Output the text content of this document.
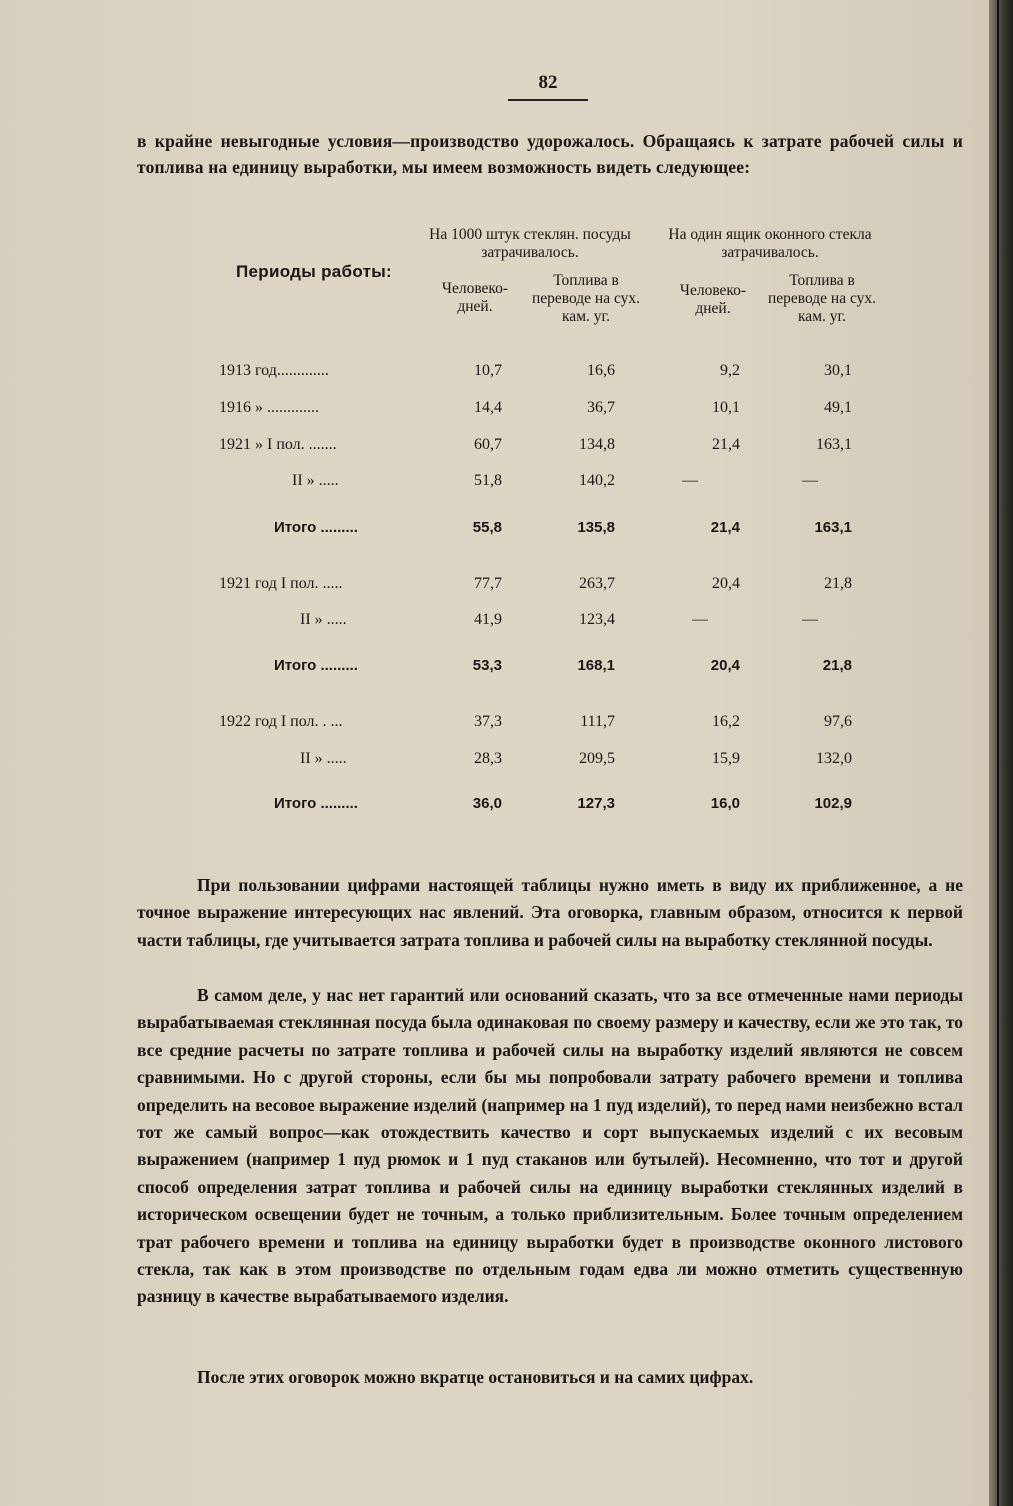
82
в крайне невыгодные условия—производство удорожалось. Обращаясь к затрате рабочей силы и топлива на единицу выработки, мы имеем возможность видеть следующее:
Периоды работы:
На 1000 штук стеклян. посуды затрачивалось.
На один ящик оконного стекла затрачивалось.
Человеко-дней.
Топлива в переводе на сух. кам. уг.
Человеко-дней.
Топлива в переводе на сух. кам. уг.
1913 год.............	10,7	16,6	9,2	30,1
1916 » .............	14,4	36,7	10,1	49,1
1921 » I пол. .......	60,7	134,8	21,4	163,1
II » .....	51,8	140,2	—	—
Итого .........	55,8	135,8	21,4	163,1
1921 год I пол. .....	77,7	263,7	20,4	21,8
II » .....	41,9	123,4	—	—
Итого .........	53,3	168,1	20,4	21,8
1922 год I пол. . ...	37,3	111,7	16,2	97,6
II » .....	28,3	209,5	15,9	132,0
Итого .........	36,0	127,3	16,0	102,9
При пользовании цифрами настоящей таблицы нужно иметь в виду их приближенное, а не точное выражение интересующих нас явлений. Эта оговорка, главным образом, относится к первой части таблицы, где учитывается затрата топлива и рабочей силы на выработку стеклянной посуды.
В самом деле, у нас нет гарантий или оснований сказать, что за все отмеченные нами периоды вырабатываемая стеклянная посуда была одинаковая по своему размеру и качеству, если же это так, то все средние расчеты по затрате топлива и рабочей силы на выработку изделий являются не совсем сравнимыми. Но с другой стороны, если бы мы попробовали затрату рабочего времени и топлива определить на весовое выражение изделий (например на 1 пуд изделий), то перед нами неизбежно встал тот же самый вопрос—как отождествить качество и сорт выпускаемых изделий с их весовым выражением (например 1 пуд рюмок и 1 пуд стаканов или бутылей). Несомненно, что тот и другой способ определения затрат топлива и рабочей силы на единицу выработки стеклянных изделий в историческом освещении будет не точным, а только приблизительным. Более точным определением трат рабочего времени и топлива на единицу выработки будет в производстве оконного листового стекла, так как в этом производстве по отдельным годам едва ли можно отметить существенную разницу в качестве вырабатываемого изделия.
После этих оговорок можно вкратце остановиться и на самих цифрах.
